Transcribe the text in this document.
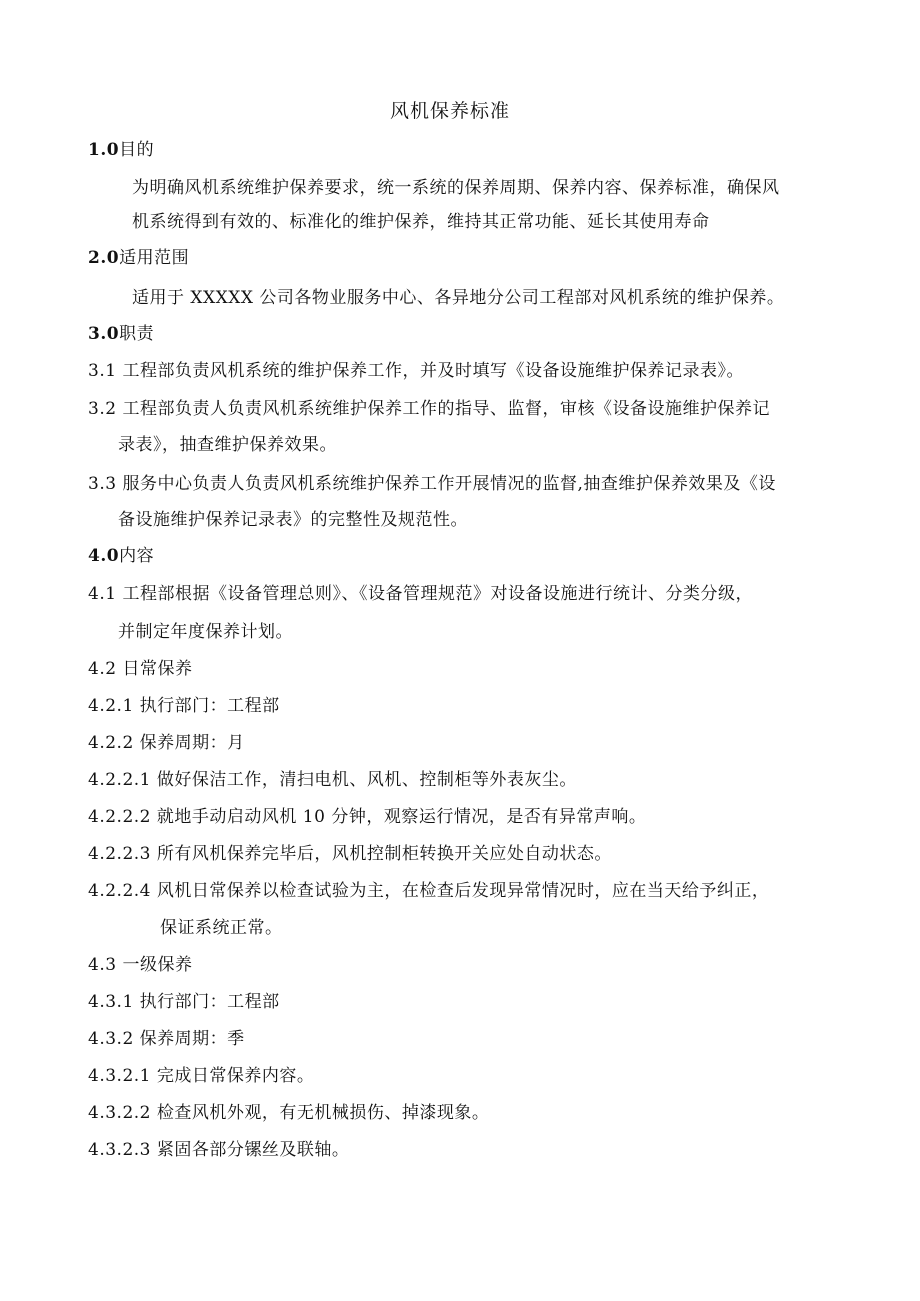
风机保养标准
1.0目的
为明确风机系统维护保养要求，统一系统的保养周期、保养内容、保养标准，确保风
机系统得到有效的、标准化的维护保养，维持其正常功能、延长其使用寿命
2.0适用范围
适用于 XXXXX 公司各物业服务中心、各异地分公司工程部对风机系统的维护保养。
3.0职责
3.1 工程部负责风机系统的维护保养工作，并及时填写《设备设施维护保养记录表》。
3.2 工程部负责人负责风机系统维护保养工作的指导、监督，审核《设备设施维护保养记
录表》，抽查维护保养效果。
3.3 服务中心负责人负责风机系统维护保养工作开展情况的监督,抽查维护保养效果及《设
备设施维护保养记录表》的完整性及规范性。
4.0内容
4.1 工程部根据《设备管理总则》、《设备管理规范》对设备设施进行统计、分类分级，
并制定年度保养计划。
4.2 日常保养
4.2.1 执行部门：工程部
4.2.2 保养周期：月
4.2.2.1 做好保洁工作，清扫电机、风机、控制柜等外表灰尘。
4.2.2.2 就地手动启动风机 10 分钟，观察运行情况，是否有异常声响。
4.2.2.3 所有风机保养完毕后，风机控制柜转换开关应处自动状态。
4.2.2.4 风机日常保养以检查试验为主，在检查后发现异常情况时，应在当天给予纠正，
保证系统正常。
4.3 一级保养
4.3.1 执行部门：工程部
4.3.2 保养周期：季
4.3.2.1 完成日常保养内容。
4.3.2.2 检查风机外观，有无机械损伤、掉漆现象。
4.3.2.3 紧固各部分镙丝及联轴。
